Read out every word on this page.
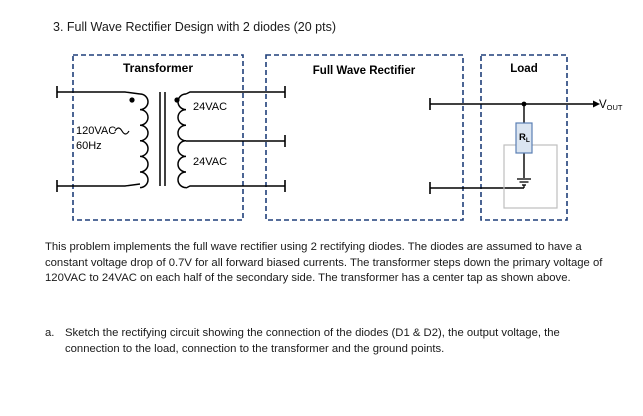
3. Full Wave Rectifier Design with 2 diodes (20 pts)
Transformer	Full Wave Rectifier	Load
120VAC
60Hz
24VAC
24VAC
VOUT
$R_L$

This problem implements the full wave rectifier using 2 rectifying diodes. The diodes are assumed to have a constant voltage drop of 0.7V for all forward biased currents. The transformer steps down the primary voltage of 120VAC to 24VAC on each half of the secondary side. The transformer has a center tap as shown above.

a. Sketch the rectifying circuit showing the connection of the diodes (D1 & D2), the output voltage, the connection to the load, connection to the transformer and the ground points.
